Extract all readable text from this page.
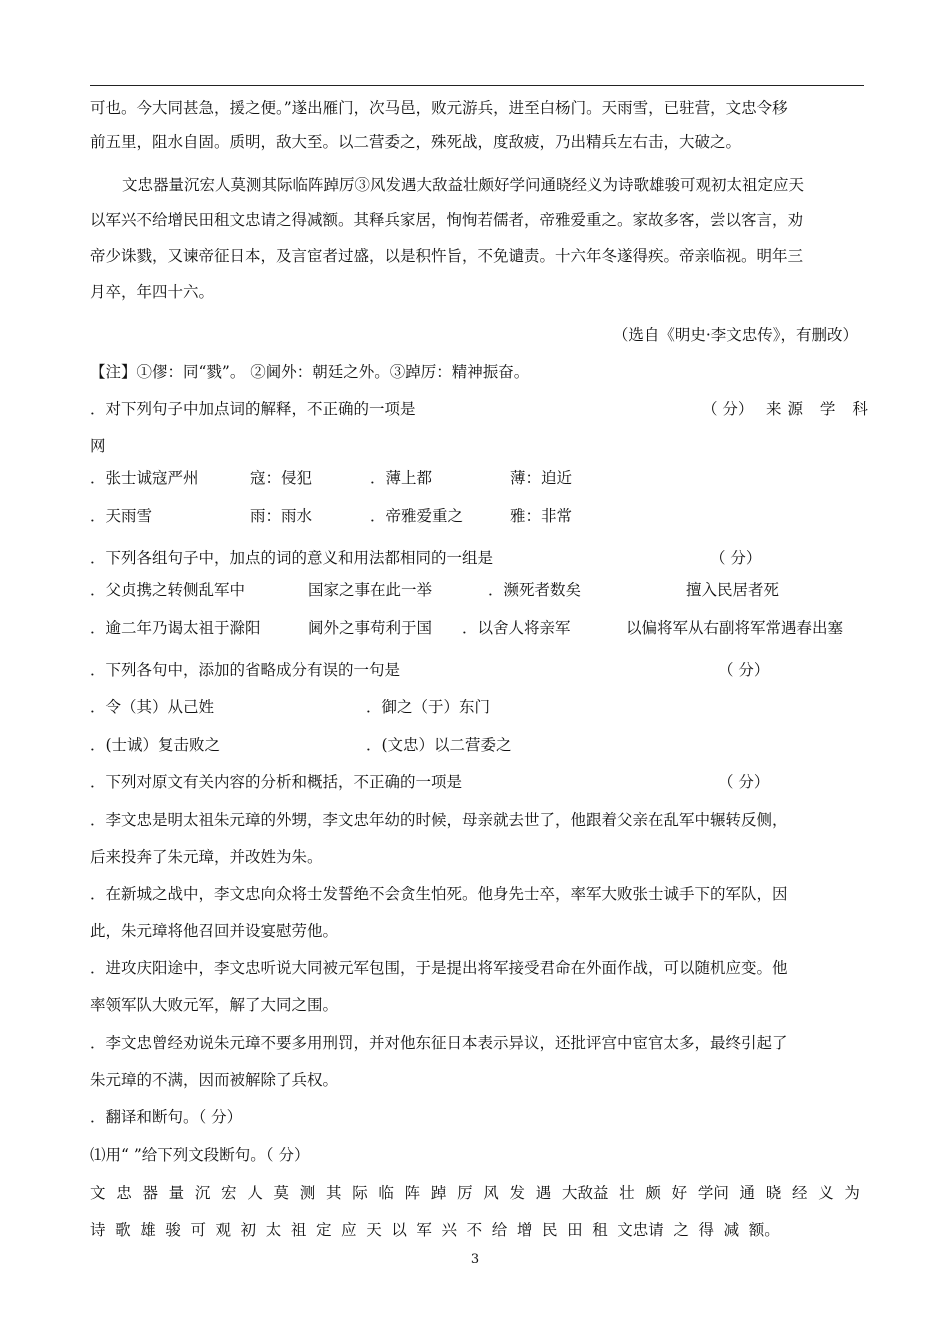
可也。今大同甚急，援之便。”遂出雁门，次马邑，败元游兵，进至白杨门。天雨雪，已驻营，文忠令移
前五里，阻水自固。质明，敌大至。以二营委之，殊死战，度敌疲，乃出精兵左右击，大破之。
文忠器量沉宏人莫测其际临阵踔厉③风发遇大敌益壮颇好学问通晓经义为诗歌雄骏可观初太祖定应天
以军兴不给增民田租文忠请之得减额。其释兵家居，恂恂若儒者，帝雅爱重之。家故多客，尝以客言，劝
帝少诛戮，又谏帝征日本，及言宦者过盛，以是积忤旨，不免谴责。十六年冬遂得疾。帝亲临视。明年三
月卒，年四十六。
（选自《明史·李文忠传》，有删改）
【注】①僇：同“戮”。 ②阃外：朝廷之外。③踔厉：精神振奋。
．对下列句子中加点词的解释，不正确的一项是	（ 分） 来源 学 科
网
．张士诚寇严州	寇：侵犯	．薄上都	薄：迫近
．天雨雪	雨：雨水	．帝雅爱重之	雅：非常
．下列各组句子中，加点的词的意义和用法都相同的一组是	（ 分）
．父贞携之转侧乱军中	国家之事在此一举	．濒死者数矣	擅入民居者死
．逾二年乃谒太祖于滁阳	阃外之事苟利于国 ．以舍人将亲军	以偏将军从右副将军常遇春出塞
．下列各句中，添加的省略成分有误的一句是	（ 分）
．令（其）从己姓	．御之（于）东门
．(士诚）复击败之	．(文忠）以二营委之
．下列对原文有关内容的分析和概括，不正确的一项是	（ 分）
．李文忠是明太祖朱元璋的外甥，李文忠年幼的时候，母亲就去世了，他跟着父亲在乱军中辗转反侧，
后来投奔了朱元璋，并改姓为朱。
．在新城之战中，李文忠向众将士发誓绝不会贪生怕死。他身先士卒，率军大败张士诚手下的军队，因
此，朱元璋将他召回并设宴慰劳他。
．进攻庆阳途中，李文忠听说大同被元军包围，于是提出将军接受君命在外面作战，可以随机应变。他
率领军队大败元军，解了大同之围。
．李文忠曾经劝说朱元璋不要多用刑罚，并对他东征日本表示异议，还批评宫中宦官太多，最终引起了
朱元璋的不满，因而被解除了兵权。
．翻译和断句。（ 分）
⑴用“ ”给下列文段断句。（ 分）
文 忠 器 量 沉 宏 人 莫 测 其 际 临 阵 踔 厉 风 发 遇 大敌益 壮 颇 好 学问 通 晓 经 义 为
诗 歌 雄 骏 可 观 初 太 祖 定 应 天 以 军 兴 不 给 增 民 田 租 文忠请 之 得 减 额。
3
